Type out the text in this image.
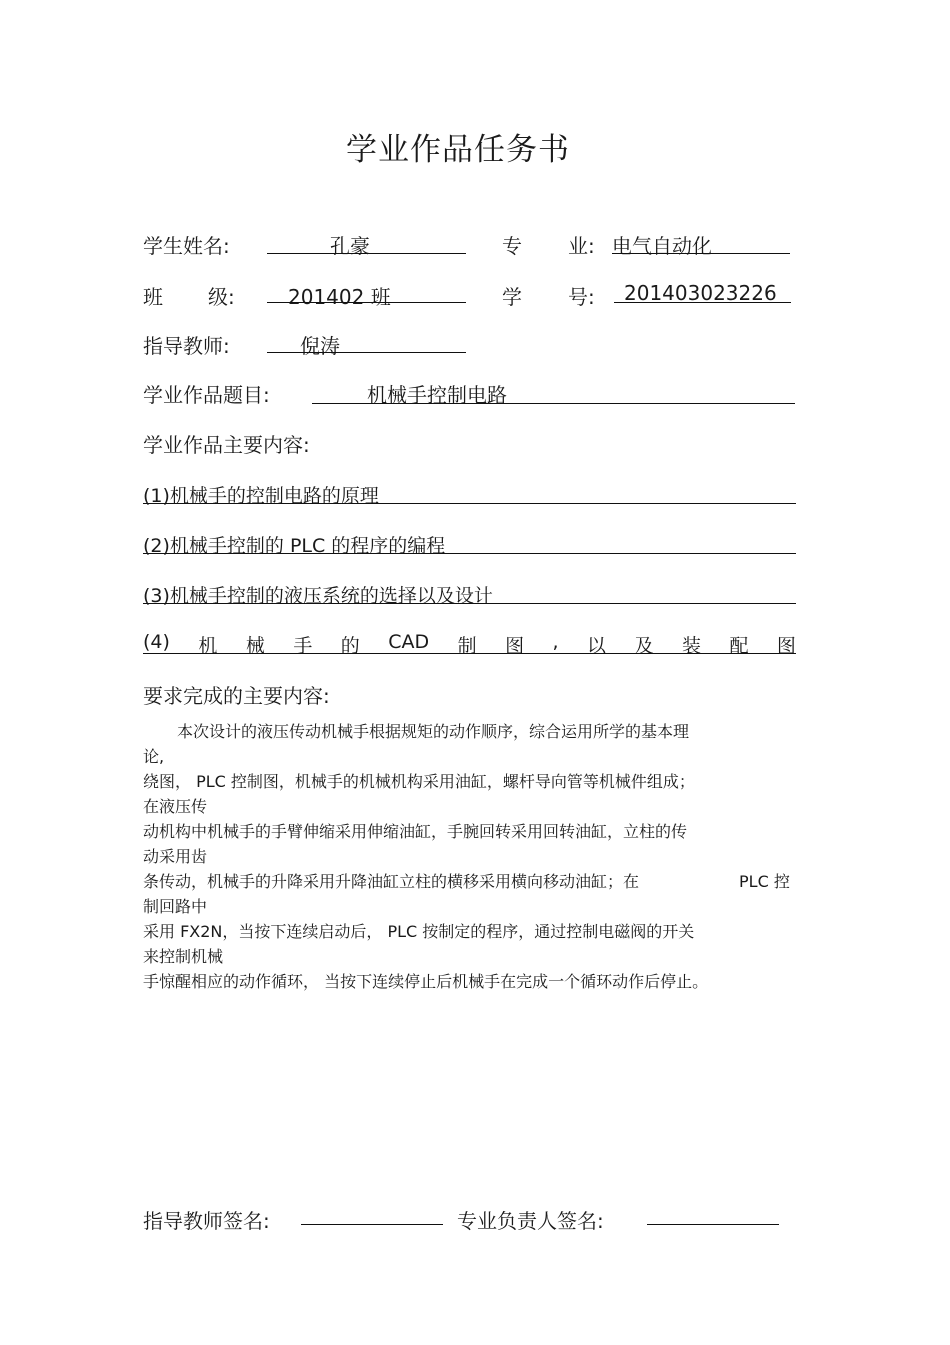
学业作品任务书
学生姓名:	孔豪	专 业: 电气自动化
班 级:	201402 班	学 号: 201403023226
指导教师:	倪涛
学业作品题目:	机械手控制电路
学业作品主要内容:
(1)机械手的控制电路的原理
(2)机械手控制的 PLC 的程序的编程
(3)机械手控制的液压系统的选择以及设计
(4) 机 械 手 的 CAD 制 图 , 以 及 装 配 图
要求完成的主要内容:
本次设计的液压传动机械手根据规矩的动作顺序，综合运用所学的基本理
论,
绕图， PLC 控制图，机械手的机械机构采用油缸，螺杆导向管等机械件组成；
在液压传
动机构中机械手的手臂伸缩采用伸缩油缸，手腕回转采用回转油缸，立柱的传
动采用齿
条传动，机械手的升降采用升降油缸立柱的横移采用横向移动油缸；在	PLC 控
制回路中
采用 FX2N，当按下连续启动后， PLC 按制定的程序，通过控制电磁阀的开关
来控制机械
手惊醒相应的动作循环， 当按下连续停止后机械手在完成一个循环动作后停止。
指导教师签名:	专业负责人签名:
